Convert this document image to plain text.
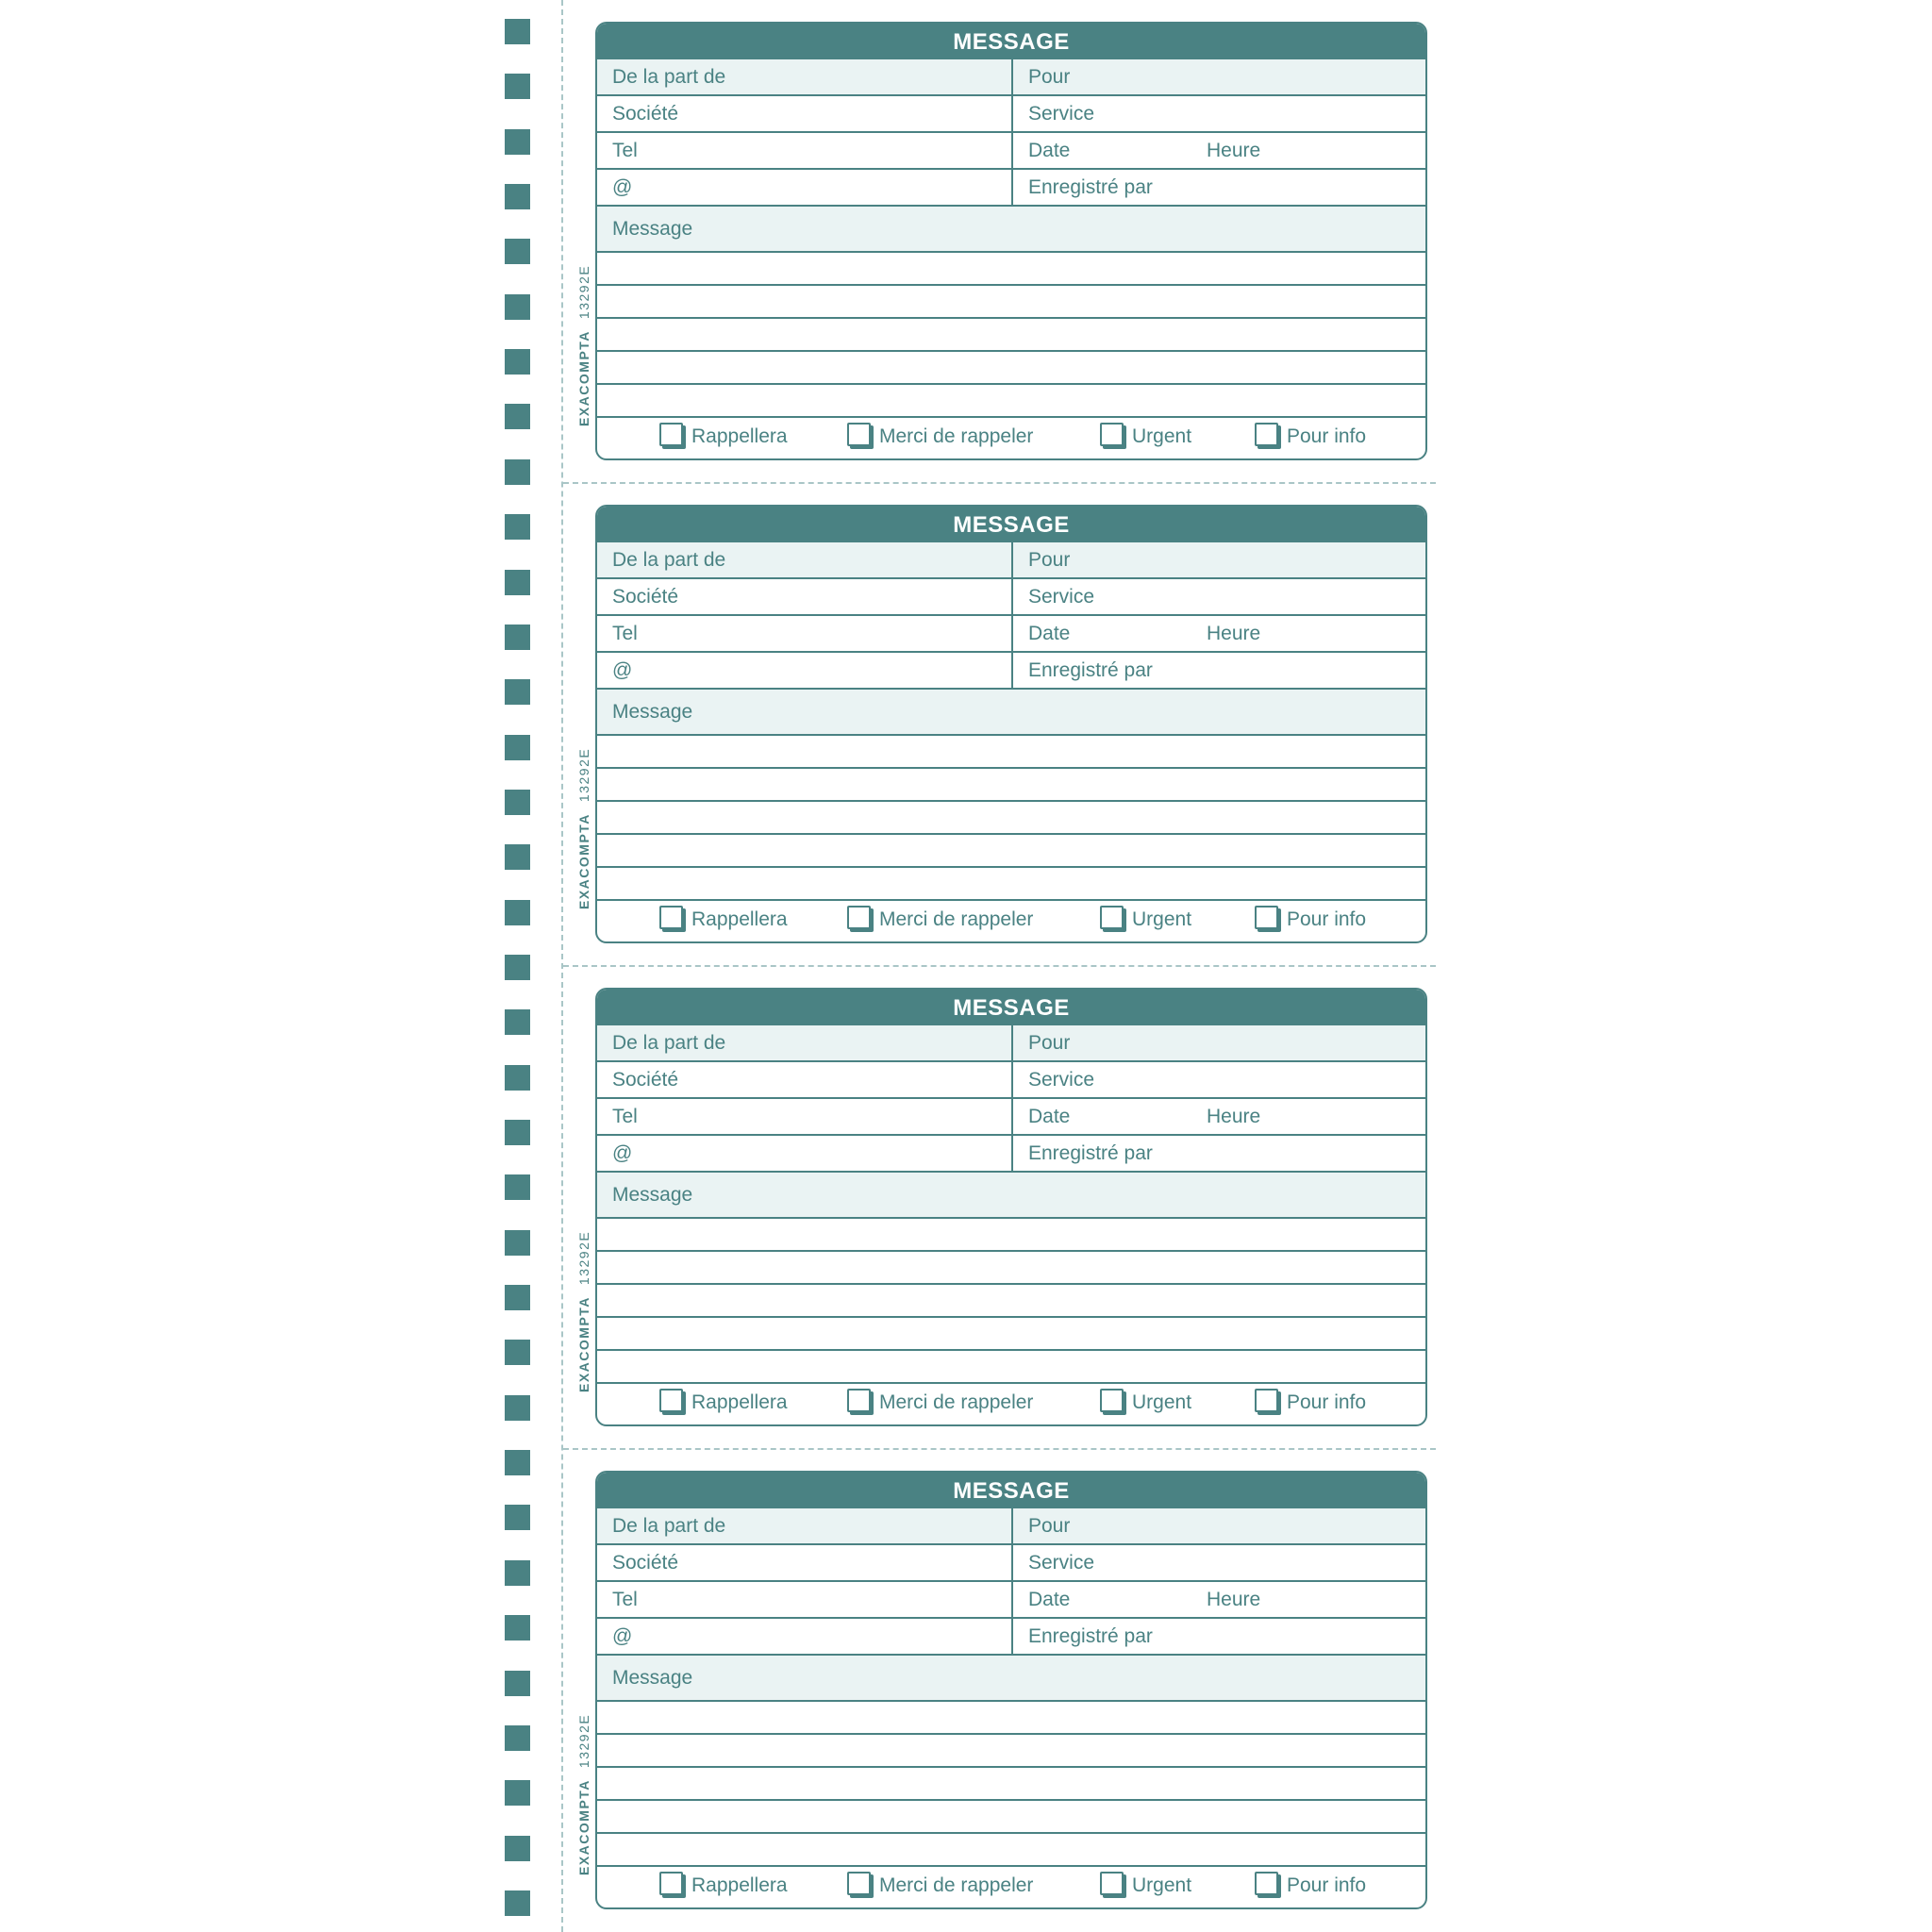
EXACOMPTA13292E
MESSAGE
De la part de	Pour
Société	Service
Tel	Date	Heure
@	Enregistré par
Message
Rappellera	Merci de rappeler	Urgent	Pour info
EXACOMPTA13292E
MESSAGE
De la part de	Pour
Société	Service
Tel	Date	Heure
@	Enregistré par
Message
Rappellera	Merci de rappeler	Urgent	Pour info
EXACOMPTA13292E
MESSAGE
De la part de	Pour
Société	Service
Tel	Date	Heure
@	Enregistré par
Message
Rappellera	Merci de rappeler	Urgent	Pour info
EXACOMPTA13292E
MESSAGE
De la part de	Pour
Société	Service
Tel	Date	Heure
@	Enregistré par
Message
Rappellera	Merci de rappeler	Urgent	Pour info
